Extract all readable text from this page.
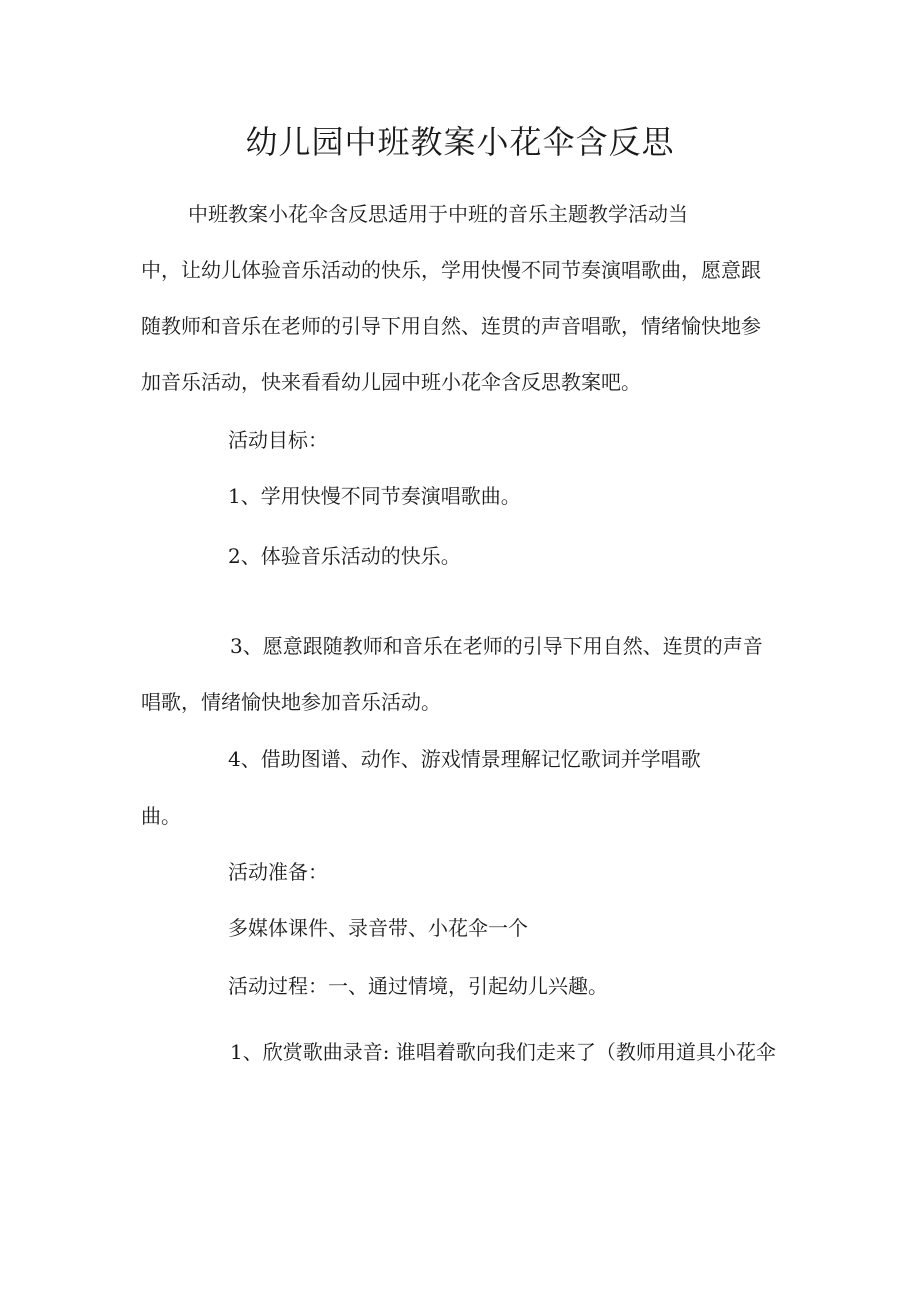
幼儿园中班教案小花伞含反思
中班教案小花伞含反思适用于中班的音乐主题教学活动当
中，让幼儿体验音乐活动的快乐，学用快慢不同节奏演唱歌曲，愿意跟
随教师和音乐在老师的引导下用自然、连贯的声音唱歌，情绪愉快地参
加音乐活动，快来看看幼儿园中班小花伞含反思教案吧。
活动目标：
1、学用快慢不同节奏演唱歌曲。
2、体验音乐活动的快乐。
3、愿意跟随教师和音乐在老师的引导下用自然、连贯的声音
唱歌，情绪愉快地参加音乐活动。
4、借助图谱、动作、游戏情景理解记忆歌词并学唱歌
曲。
活动准备：
多媒体课件、录音带、小花伞一个
活动过程：一、通过情境，引起幼儿兴趣。
1、欣赏歌曲录音: 谁唱着歌向我们走来了（教师用道具小花伞
